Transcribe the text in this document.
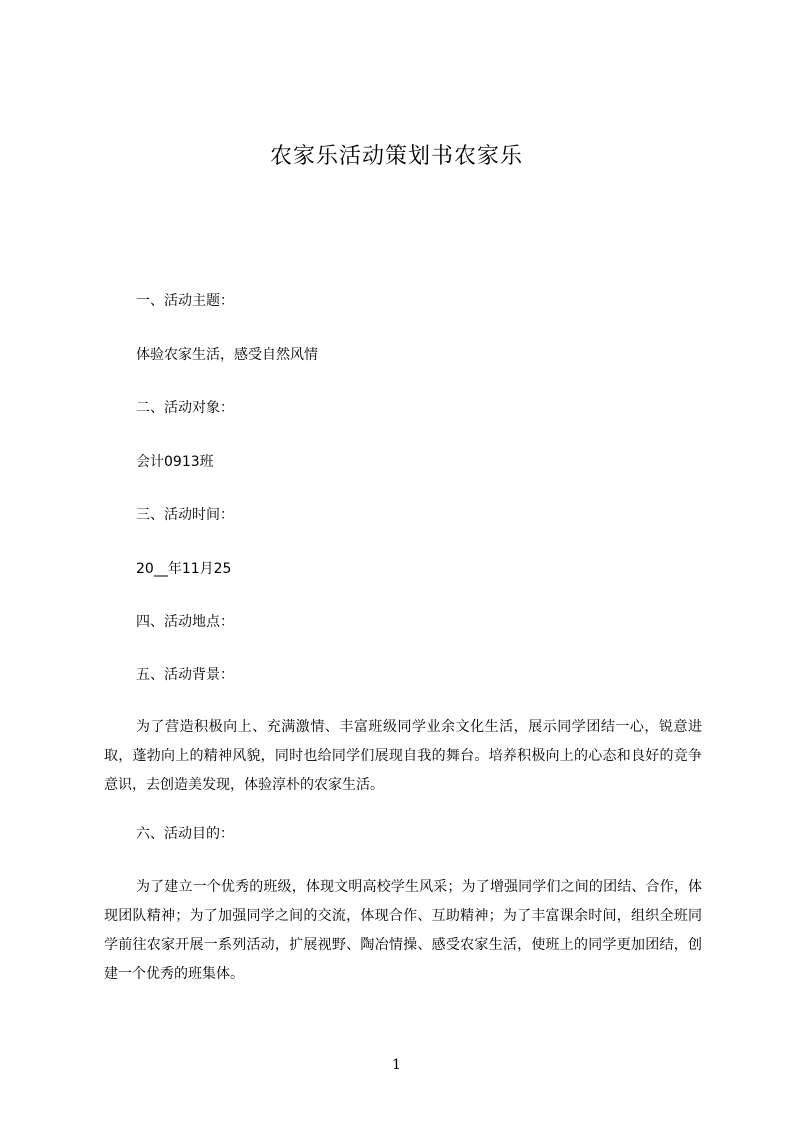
农家乐活动策划书农家乐
一、活动主题：
体验农家生活，感受自然风情
二、活动对象：
会计0913班
三、活动时间：
20__年11月25
四、活动地点：
五、活动背景：
为了营造积极向上、充满激情、丰富班级同学业余文化生活，展示同学团结一心，锐意进取，蓬勃向上的精神风貌，同时也给同学们展现自我的舞台。培养积极向上的心态和良好的竞争意识，去创造美发现，体验淳朴的农家生活。
六、活动目的：
为了建立一个优秀的班级，体现文明高校学生风采；为了增强同学们之间的团结、合作，体现团队精神；为了加强同学之间的交流，体现合作、互助精神；为了丰富课余时间，组织全班同学前往农家开展一系列活动，扩展视野、陶冶情操、感受农家生活，使班上的同学更加团结，创建一个优秀的班集体。
1
